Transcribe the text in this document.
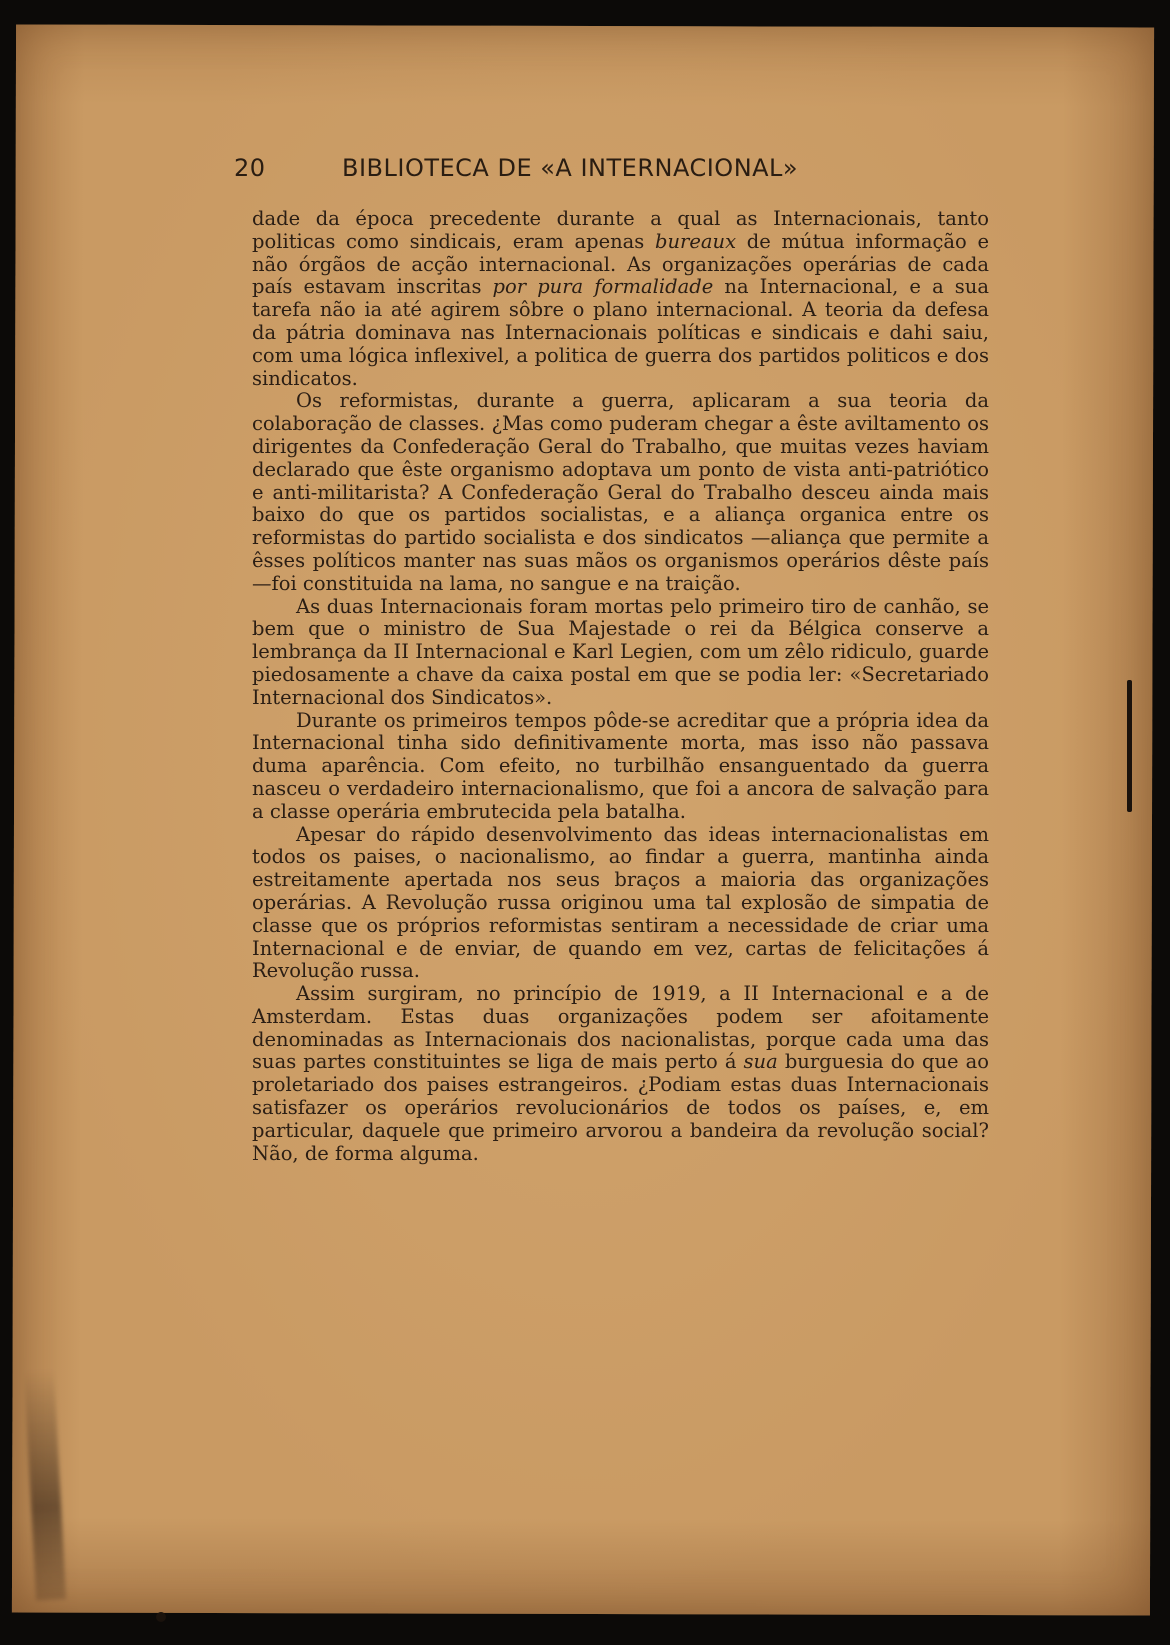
20	BIBLIOTECA DE «A INTERNACIONAL»

dade da época precedente durante a qual as Internacionais, tanto politicas como sindicais, eram apenas bureaux de mútua informação e não órgãos de acção internacional. As organizações operárias de cada país estavam inscritas por pura formalidade na Internacional, e a sua tarefa não ia até agirem sôbre o plano internacional. A teoria da defesa da pátria dominava nas Internacionais políticas e sindicais e dahi saiu, com uma lógica inflexivel, a politica de guerra dos partidos politicos e dos sindicatos.

Os reformistas, durante a guerra, aplicaram a sua teoria da colaboração de classes. ¿Mas como puderam chegar a êste aviltamento os dirigentes da Confederação Geral do Trabalho, que muitas vezes haviam declarado que êste organismo adoptava um ponto de vista anti-patriótico e anti-militarista? A Confederação Geral do Trabalho desceu ainda mais baixo do que os partidos socialistas, e a aliança organica entre os reformistas do partido socialista e dos sindicatos —aliança que permite a êsses políticos manter nas suas mãos os organismos operários dêste país—foi constituida na lama, no sangue e na traição.

As duas Internacionais foram mortas pelo primeiro tiro de canhão, se bem que o ministro de Sua Majestade o rei da Bélgica conserve a lembrança da II Internacional e Karl Legien, com um zêlo ridiculo, guarde piedosamente a chave da caixa postal em que se podia ler: «Secretariado Internacional dos Sindicatos».

Durante os primeiros tempos pôde-se acreditar que a própria idea da Internacional tinha sido definitivamente morta, mas isso não passava duma aparência. Com efeito, no turbilhão ensanguentado da guerra nasceu o verdadeiro internacionalismo, que foi a ancora de salvação para a classe operária embrutecida pela batalha.

Apesar do rápido desenvolvimento das ideas internacionalistas em todos os paises, o nacionalismo, ao findar a guerra, mantinha ainda estreitamente apertada nos seus braços a maioria das organizações operárias. A Revolução russa originou uma tal explosão de simpatia de classe que os próprios reformistas sentiram a necessidade de criar uma Internacional e de enviar, de quando em vez, cartas de felicitações á Revolução russa.

Assim surgiram, no princípio de 1919, a II Internacional e a de Amsterdam. Estas duas organizações podem ser afoitamente denominadas as Internacionais dos nacionalistas, porque cada uma das suas partes constituintes se liga de mais perto á sua burguesia do que ao proletariado dos paises estrangeiros. ¿Podiam estas duas Internacionais satisfazer os operários revolucionários de todos os países, e, em particular, daquele que primeiro arvorou a bandeira da revolução social? Não, de forma alguma.
